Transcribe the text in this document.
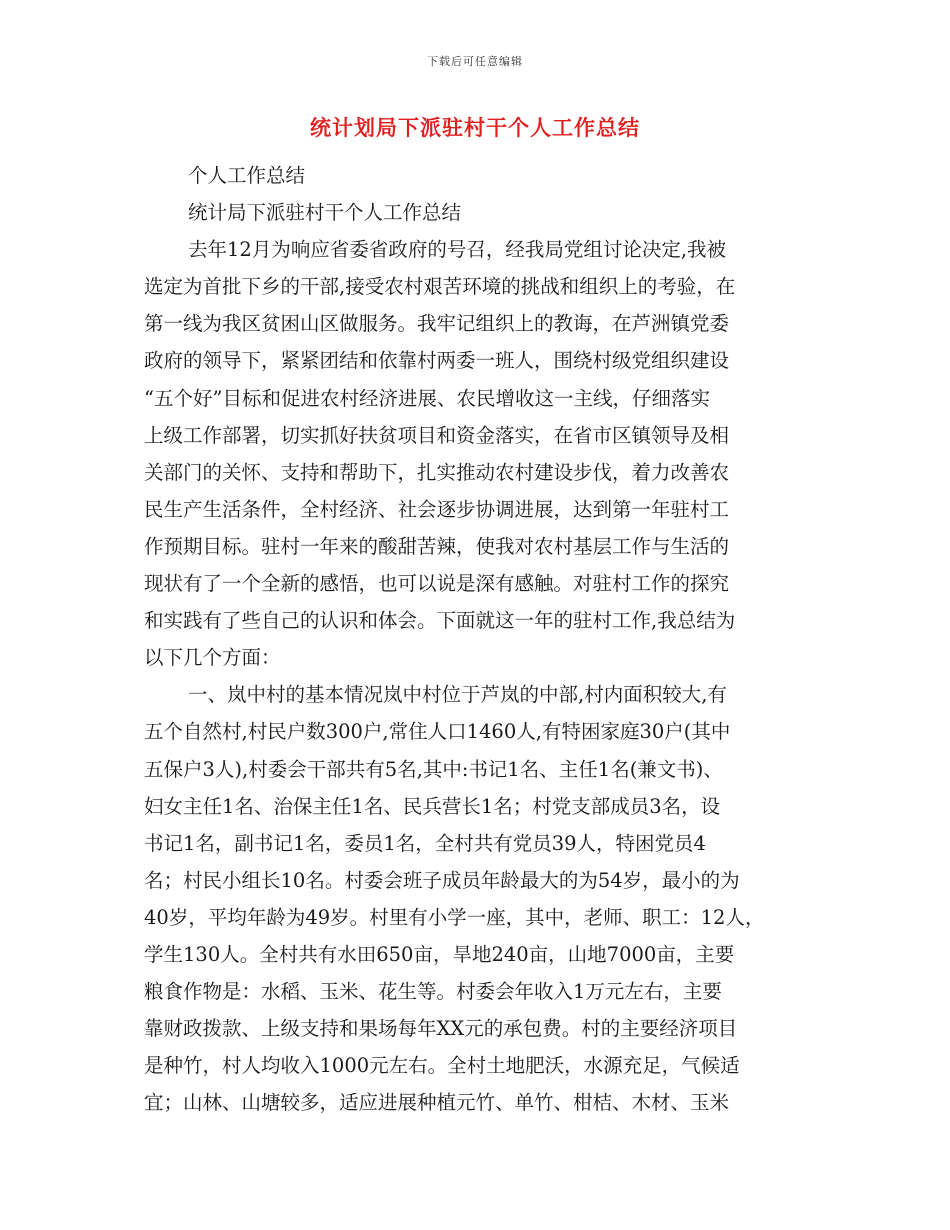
下载后可任意编辑
统计划局下派驻村干个人工作总结
个人工作总结
统计局下派驻村干个人工作总结
去年12月为响应省委省政府的号召，经我局党组讨论决定,我被
选定为首批下乡的干部,接受农村艰苦环境的挑战和组织上的考验，在
第一线为我区贫困山区做服务。我牢记组织上的教诲，在芦洲镇党委
政府的领导下，紧紧团结和依靠村两委一班人，围绕村级党组织建设
“五个好”目标和促进农村经济进展、农民增收这一主线，仔细落实
上级工作部署，切实抓好扶贫项目和资金落实，在省市区镇领导及相
关部门的关怀、支持和帮助下，扎实推动农村建设步伐，着力改善农
民生产生活条件，全村经济、社会逐步协调进展，达到第一年驻村工
作预期目标。驻村一年来的酸甜苦辣，使我对农村基层工作与生活的
现状有了一个全新的感悟，也可以说是深有感触。对驻村工作的探究
和实践有了些自己的认识和体会。下面就这一年的驻村工作,我总结为
以下几个方面：
一、岚中村的基本情况岚中村位于芦岚的中部,村内面积较大,有
五个自然村,村民户数300户,常住人口1460人,有特困家庭30户(其中
五保户3人),村委会干部共有5名,其中:书记1名、主任1名(兼文书)、
妇女主任1名、治保主任1名、民兵营长1名；村党支部成员3名，设
书记1名，副书记1名，委员1名，全村共有党员39人，特困党员4
名；村民小组长10名。村委会班子成员年龄最大的为54岁，最小的为
40岁，平均年龄为49岁。村里有小学一座，其中，老师、职工：12人，
学生130人。全村共有水田650亩，旱地240亩，山地7000亩，主要
粮食作物是：水稻、玉米、花生等。村委会年收入1万元左右，主要
靠财政拨款、上级支持和果场每年XX元的承包费。村的主要经济项目
是种竹，村人均收入1000元左右。全村土地肥沃，水源充足，气候适
宜；山林、山塘较多，适应进展种植元竹、单竹、柑桔、木材、玉米
